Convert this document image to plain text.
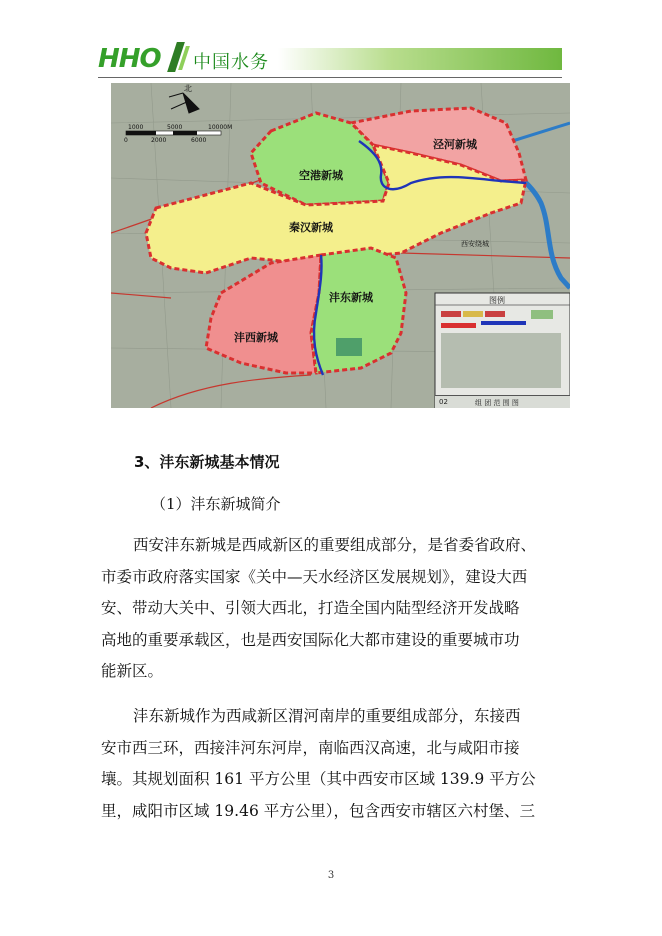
HHO 中国水务
北
1000	5000	10000M
0	2000	6000	泾河新城
空港新城
秦汉新城
沣东新城
沣西新城
西安绕城
图例
02	组 团 范 围 图
3、沣东新城基本情况
（1）沣东新城简介
西安沣东新城是西咸新区的重要组成部分，是省委省政府、
市委市政府落实国家《关中—天水经济区发展规划》，建设大西
安、带动大关中、引领大西北，打造全国内陆型经济开发战略
高地的重要承载区，也是西安国际化大都市建设的重要城市功
能新区。
沣东新城作为西咸新区渭河南岸的重要组成部分，东接西
安市西三环，西接沣河东河岸，南临西汉高速，北与咸阳市接
壤。其规划面积 161 平方公里（其中西安市区域 139.9 平方公
里，咸阳市区域 19.46 平方公里），包含西安市辖区六村堡、三
3
